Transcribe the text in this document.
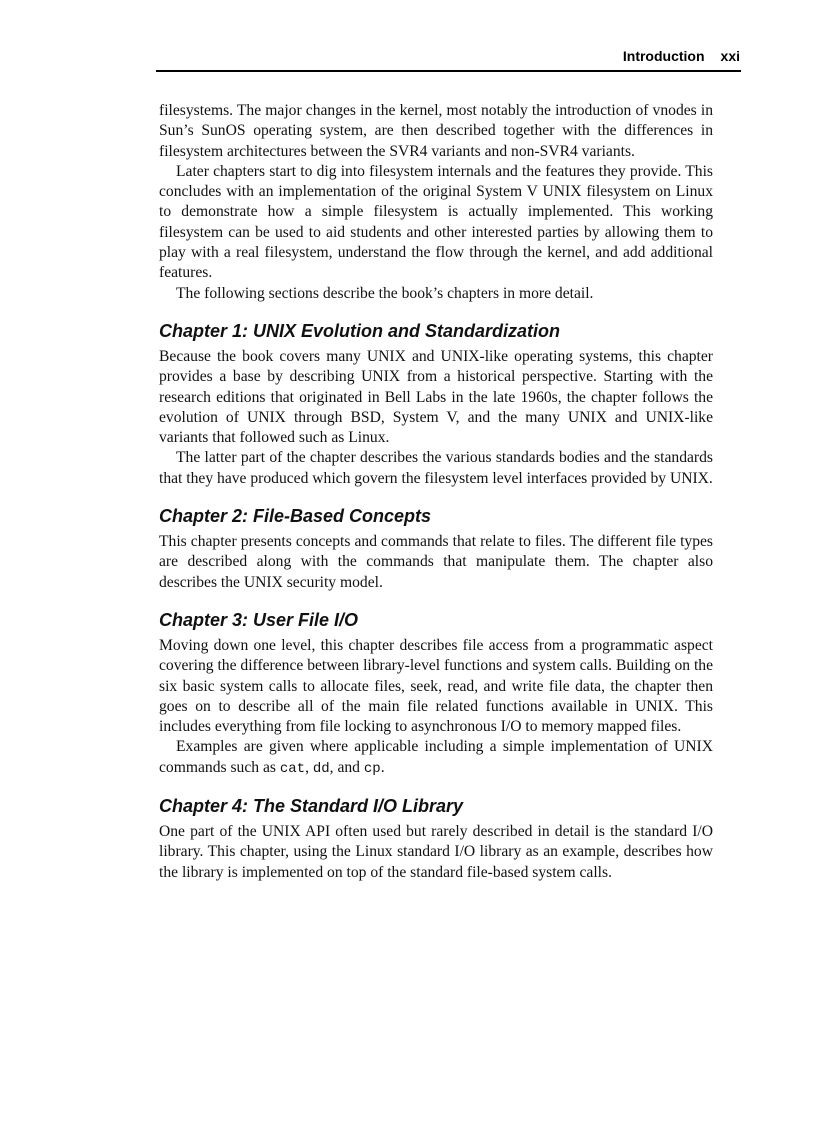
Introduction xxi

filesystems. The major changes in the kernel, most notably the introduction of vnodes in Sun’s SunOS operating system, are then described together with the differences in filesystem architectures between the SVR4 variants and non-SVR4 variants.

Later chapters start to dig into filesystem internals and the features they provide. This concludes with an implementation of the original System V UNIX filesystem on Linux to demonstrate how a simple filesystem is actually implemented. This working filesystem can be used to aid students and other interested parties by allowing them to play with a real filesystem, understand the flow through the kernel, and add additional features.

The following sections describe the book’s chapters in more detail.

Chapter 1: UNIX Evolution and Standardization

Because the book covers many UNIX and UNIX-like operating systems, this chapter provides a base by describing UNIX from a historical perspective. Starting with the research editions that originated in Bell Labs in the late 1960s, the chapter follows the evolution of UNIX through BSD, System V, and the many UNIX and UNIX-like variants that followed such as Linux.

The latter part of the chapter describes the various standards bodies and the standards that they have produced which govern the filesystem level interfaces provided by UNIX.

Chapter 2: File-Based Concepts

This chapter presents concepts and commands that relate to files. The different file types are described along with the commands that manipulate them. The chapter also describes the UNIX security model.

Chapter 3: User File I/O

Moving down one level, this chapter describes file access from a programmatic aspect covering the difference between library-level functions and system calls. Building on the six basic system calls to allocate files, seek, read, and write file data, the chapter then goes on to describe all of the main file related functions available in UNIX. This includes everything from file locking to asynchronous I/O to memory mapped files.

Examples are given where applicable including a simple implementation of UNIX commands such as cat, dd, and cp.

Chapter 4: The Standard I/O Library

One part of the UNIX API often used but rarely described in detail is the standard I/O library. This chapter, using the Linux standard I/O library as an example, describes how the library is implemented on top of the standard file-based system calls.
